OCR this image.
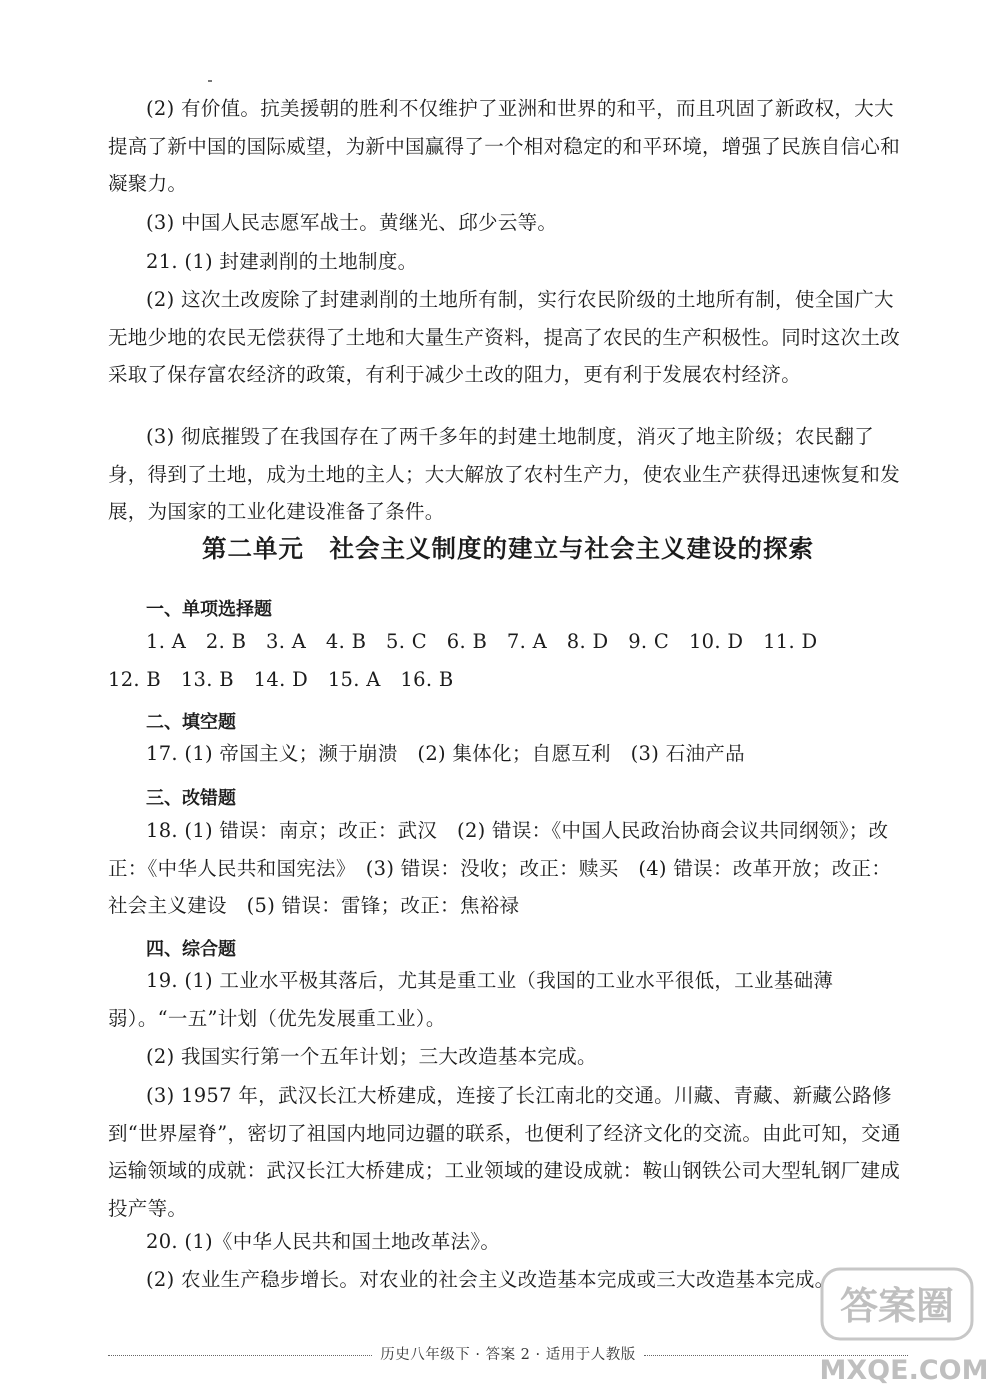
(2) 有价值。抗美援朝的胜利不仅维护了亚洲和世界的和平，而且巩固了新政权，大大提高了新中国的国际威望，为新中国赢得了一个相对稳定的和平环境，增强了民族自信心和凝聚力。

(3) 中国人民志愿军战士。黄继光、邱少云等。

21. (1) 封建剥削的土地制度。

(2) 这次土改废除了封建剥削的土地所有制，实行农民阶级的土地所有制，使全国广大无地少地的农民无偿获得了土地和大量生产资料，提高了农民的生产积极性。同时这次土改采取了保存富农经济的政策，有利于减少土改的阻力，更有利于发展农村经济。

(3) 彻底摧毁了在我国存在了两千多年的封建土地制度，消灭了地主阶级；农民翻了身，得到了土地，成为土地的主人；大大解放了农村生产力，使农业生产获得迅速恢复和发展，为国家的工业化建设准备了条件。

第二单元　社会主义制度的建立与社会主义建设的探索
一、单项选择题

1. A　2. B　3. A　4. B　5. C　6. B　7. A　8. D　9. C　10. D　11. D

12. B　13. B　14. D　15. A　16. B

二、填空题

17. (1) 帝国主义；濒于崩溃　(2) 集体化；自愿互利　(3) 石油产品

三、改错题

18. (1) 错误：南京；改正：武汉　(2) 错误：《中国人民政治协商会议共同纲领》；改正：《中华人民共和国宪法》　(3) 错误：没收；改正：赎买　(4) 错误：改革开放；改正：社会主义建设　(5) 错误：雷锋；改正：焦裕禄

四、综合题

19. (1) 工业水平极其落后，尤其是重工业（我国的工业水平很低，工业基础薄弱）。“一五”计划（优先发展重工业）。

(2) 我国实行第一个五年计划；三大改造基本完成。

(3) 1957 年，武汉长江大桥建成，连接了长江南北的交通。川藏、青藏、新藏公路修到“世界屋脊”，密切了祖国内地同边疆的联系，也便利了经济文化的交流。由此可知，交通运输领域的成就：武汉长江大桥建成；工业领域的建设成就：鞍山钢铁公司大型轧钢厂建成投产等。

20. (1)《中华人民共和国土地改革法》。

(2) 农业生产稳步增长。对农业的社会主义改造基本完成或三大改造基本完成。

历史八年级下 · 答案 2 · 适用于人教版
答案圈
MXQE.COM
